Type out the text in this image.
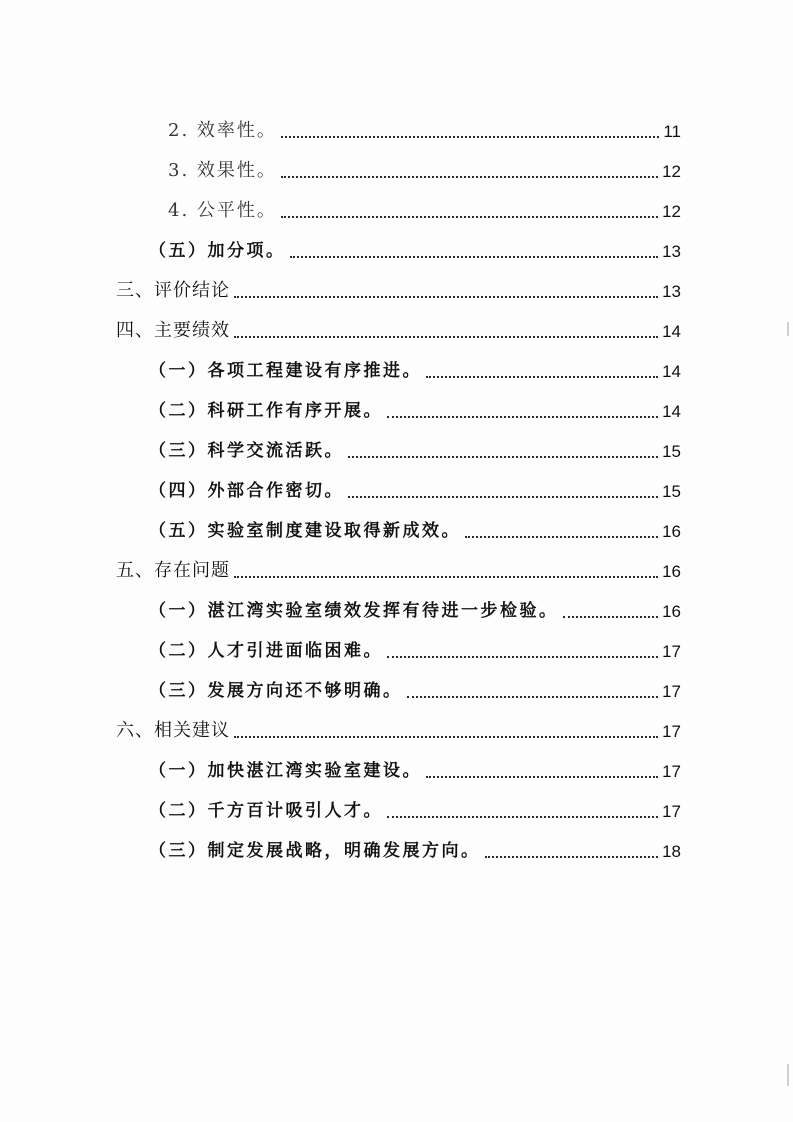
2. 效率性。	11
3. 效果性。	12
4. 公平性。	12
（五）加分项。	13
三、评价结论	13
四、主要绩效	14
（一）各项工程建设有序推进。	14
（二）科研工作有序开展。	14
（三）科学交流活跃。	15
（四）外部合作密切。	15
（五）实验室制度建设取得新成效。	16
五、存在问题	16
（一）湛江湾实验室绩效发挥有待进一步检验。	16
（二）人才引进面临困难。	17
（三）发展方向还不够明确。	17
六、相关建议	17
（一）加快湛江湾实验室建设。	17
（二）千方百计吸引人才。	17
（三）制定发展战略，明确发展方向。	18
